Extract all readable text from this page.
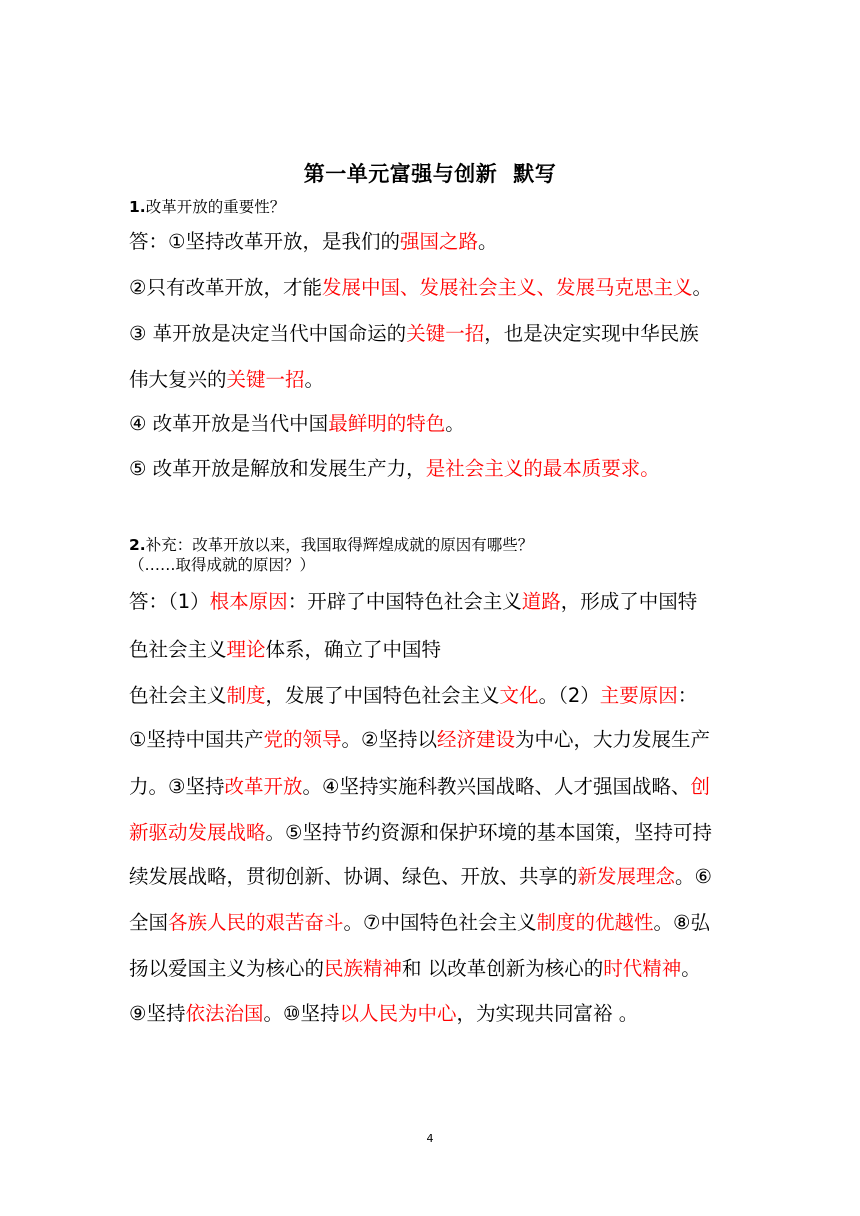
第一单元富强与创新 默写
1.改革开放的重要性？
答：①坚持改革开放，是我们的强国之路。
②只有改革开放，才能发展中国、发展社会主义、发展马克思主义。
③ 革开放是决定当代中国命运的关键一招，也是决定实现中华民族
伟大复兴的关键一招。
④ 改革开放是当代中国最鲜明的特色。
⑤ 改革开放是解放和发展生产力，是社会主义的最本质要求。
2.补充：改革开放以来，我国取得辉煌成就的原因有哪些？
（……取得成就的原因？）
答：（1）根本原因：开辟了中国特色社会主义道路，形成了中国特
色社会主义理论体系，确立了中国特
色社会主义制度，发展了中国特色社会主义文化。（2）主要原因：
①坚持中国共产党的领导。②坚持以经济建设为中心，大力发展生产
力。③坚持改革开放。④坚持实施科教兴国战略、人才强国战略、创
新驱动发展战略。⑤坚持节约资源和保护环境的基本国策，坚持可持
续发展战略，贯彻创新、协调、绿色、开放、共享的新发展理念。⑥
全国各族人民的艰苦奋斗。⑦中国特色社会主义制度的优越性。⑧弘
扬以爱国主义为核心的民族精神和 以改革创新为核心的时代精神。
⑨坚持依法治国。⑩坚持以人民为中心，为实现共同富裕 。
4
